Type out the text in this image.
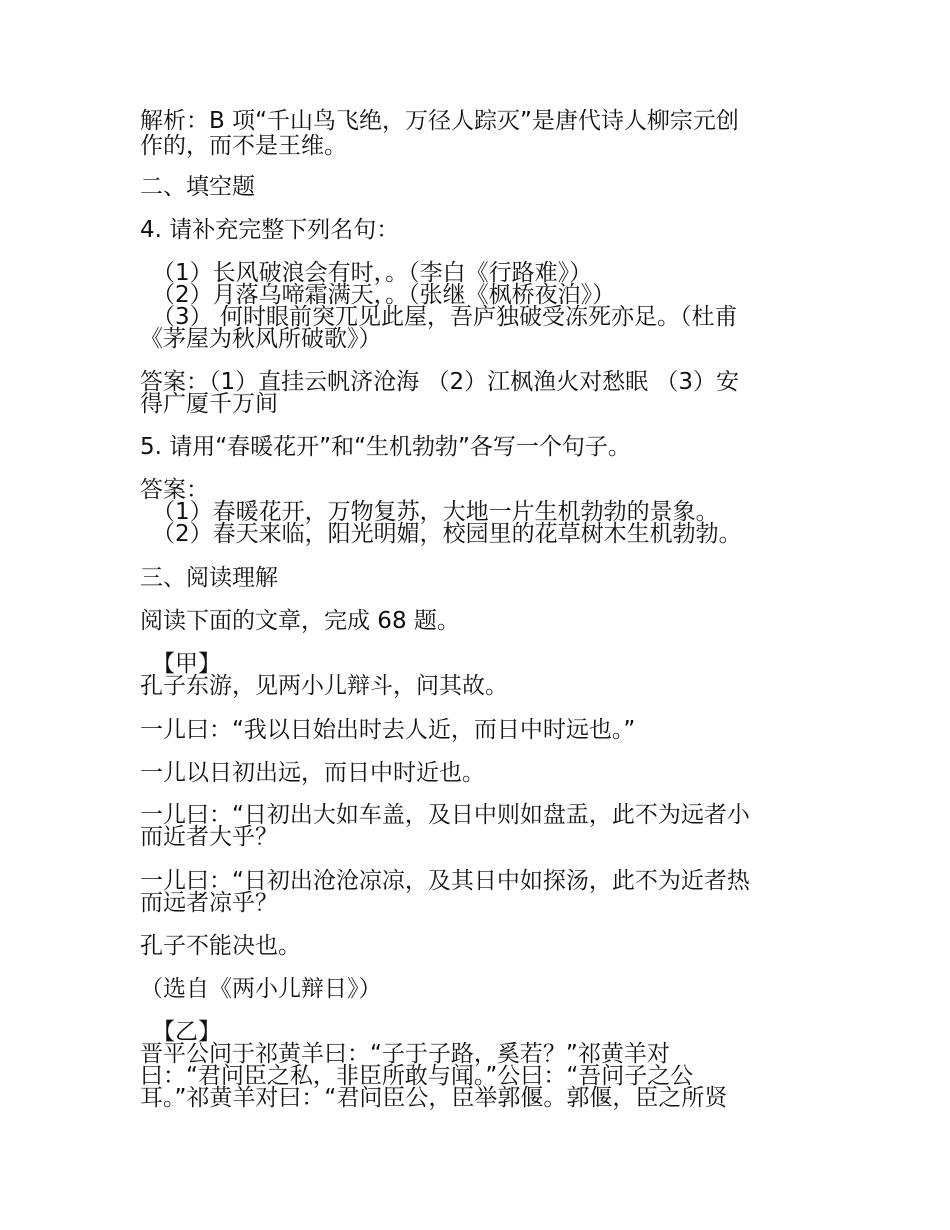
解析：B 项“千山鸟飞绝，万径人踪灭”是唐代诗人柳宗元创
作的，而不是王维。
二、填空题
4. 请补充完整下列名句：
（1）长风破浪会有时，。（李白《行路难》）
（2）月落乌啼霜满天，。（张继《枫桥夜泊》）
（3） 何时眼前突兀见此屋，吾庐独破受冻死亦足。（杜甫
《茅屋为秋风所破歌》）
答案：（1）直挂云帆济沧海 （2）江枫渔火对愁眠 （3）安
得广厦千万间
5. 请用“春暖花开”和“生机勃勃”各写一个句子。
答案：
（1）春暖花开，万物复苏，大地一片生机勃勃的景象。
（2）春天来临，阳光明媚，校园里的花草树木生机勃勃。
三、阅读理解
阅读下面的文章，完成 68 题。
【甲】
孔子东游，见两小儿辩斗，问其故。
一儿曰：“我以日始出时去人近，而日中时远也。”
一儿以日初出远，而日中时近也。
一儿曰：“日初出大如车盖，及日中则如盘盂，此不为远者小
而近者大乎？
一儿曰：“日初出沧沧凉凉，及其日中如探汤，此不为近者热
而远者凉乎？
孔子不能决也。
（选自《两小儿辩日》）
【乙】
晋平公问于祁黄羊曰：“子于子路，奚若？”祁黄羊对
曰：“君问臣之私，非臣所敢与闻。”公曰：“吾问子之公
耳。”祁黄羊对曰：“君问臣公，臣举郭偃。郭偃，臣之所贤
